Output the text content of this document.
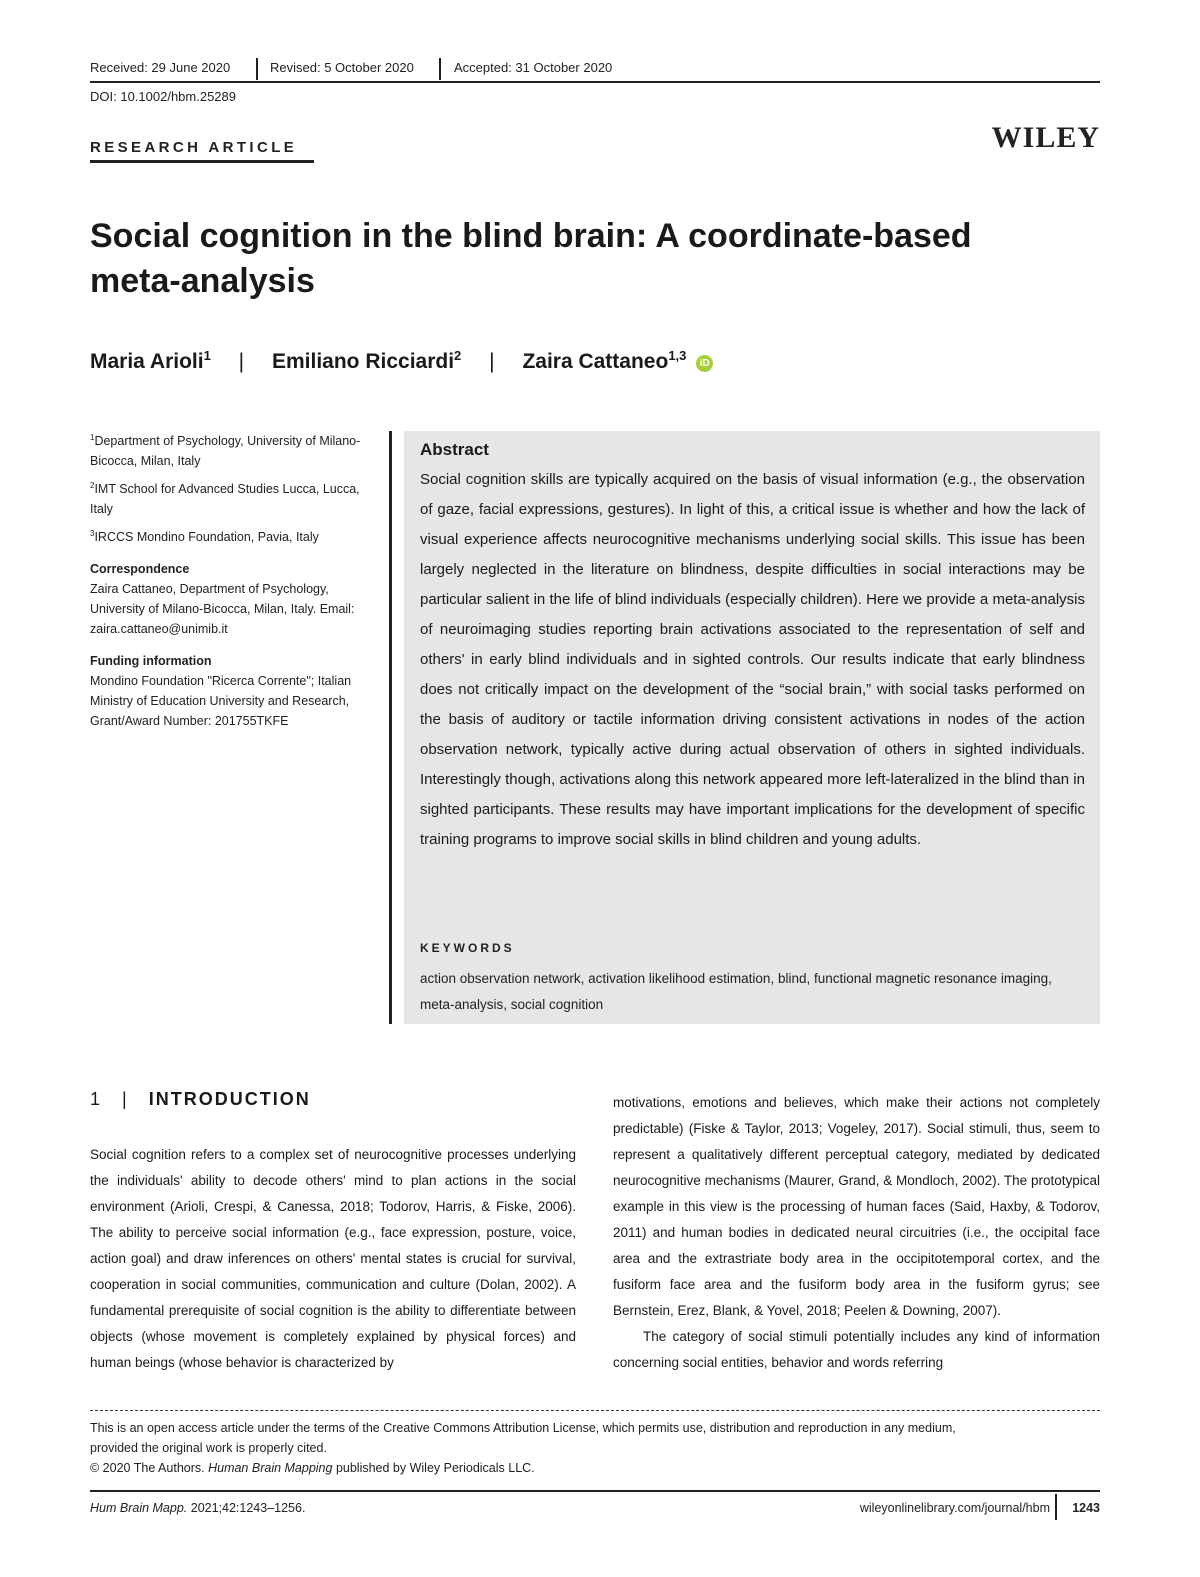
Received: 29 June 2020	Revised: 5 October 2020	Accepted: 31 October 2020
DOI: 10.1002/hbm.25289
RESEARCH ARTICLE	WILEY
Social cognition in the blind brain: A coordinate-based meta-analysis
Maria Arioli$^1$ | Emiliano Ricciardi$^2$ | Zaira Cattaneo$^{1,3}$ iD
$^1$Department of Psychology, University of Milano-Bicocca, Milan, Italy
$^2$IMT School for Advanced Studies Lucca, Lucca, Italy
$^3$IRCCS Mondino Foundation, Pavia, Italy
Correspondence
Zaira Cattaneo, Department of Psychology, University of Milano-Bicocca, Milan, Italy. Email: zaira.cattaneo@unimib.it
Funding information
Mondino Foundation "Ricerca Corrente"; Italian Ministry of Education University and Research, Grant/Award Number: 201755TKFE
Abstract

Social cognition skills are typically acquired on the basis of visual information (e.g., the observation of gaze, facial expressions, gestures). In light of this, a critical issue is whether and how the lack of visual experience affects neurocognitive mechanisms underlying social skills. This issue has been largely neglected in the literature on blindness, despite difficulties in social interactions may be particular salient in the life of blind individuals (especially children). Here we provide a meta-analysis of neuroimaging studies reporting brain activations associated to the representation of self and others' in early blind individuals and in sighted controls. Our results indicate that early blindness does not critically impact on the development of the “social brain,” with social tasks performed on the basis of auditory or tactile information driving consistent activations in nodes of the action observation network, typically active during actual observation of others in sighted individuals. Interestingly though, activations along this network appeared more left-lateralized in the blind than in sighted participants. These results may have important implications for the development of specific training programs to improve social skills in blind children and young adults.

KEYWORDS

action observation network, activation likelihood estimation, blind, functional magnetic resonance imaging, meta-analysis, social cognition

1 | INTRODUCTION

Social cognition refers to a complex set of neurocognitive processes underlying the individuals' ability to decode others' mind to plan actions in the social environment (Arioli, Crespi, & Canessa, 2018; Todorov, Harris, & Fiske, 2006). The ability to perceive social information (e.g., face expression, posture, voice, action goal) and draw inferences on others' mental states is crucial for survival, cooperation in social communities, communication and culture (Dolan, 2002). A fundamental prerequisite of social cognition is the ability to differentiate between objects (whose movement is completely explained by physical forces) and human beings (whose behavior is characterized by

motivations, emotions and believes, which make their actions not completely predictable) (Fiske & Taylor, 2013; Vogeley, 2017). Social stimuli, thus, seem to represent a qualitatively different perceptual category, mediated by dedicated neurocognitive mechanisms (Maurer, Grand, & Mondloch, 2002). The prototypical example in this view is the processing of human faces (Said, Haxby, & Todorov, 2011) and human bodies in dedicated neural circuitries (i.e., the occipital face area and the extrastriate body area in the occipitotemporal cortex, and the fusiform face area and the fusiform body area in the fusiform gyrus; see Bernstein, Erez, Blank, & Yovel, 2018; Peelen & Downing, 2007).

The category of social stimuli potentially includes any kind of information concerning social entities, behavior and words referring

This is an open access article under the terms of the Creative Commons Attribution License, which permits use, distribution and reproduction in any medium,
provided the original work is properly cited.
© 2020 The Authors. Human Brain Mapping published by Wiley Periodicals LLC.
Hum Brain Mapp. 2021;42:1243–1256.	wileyonlinelibrary.com/journal/hbm 1243
